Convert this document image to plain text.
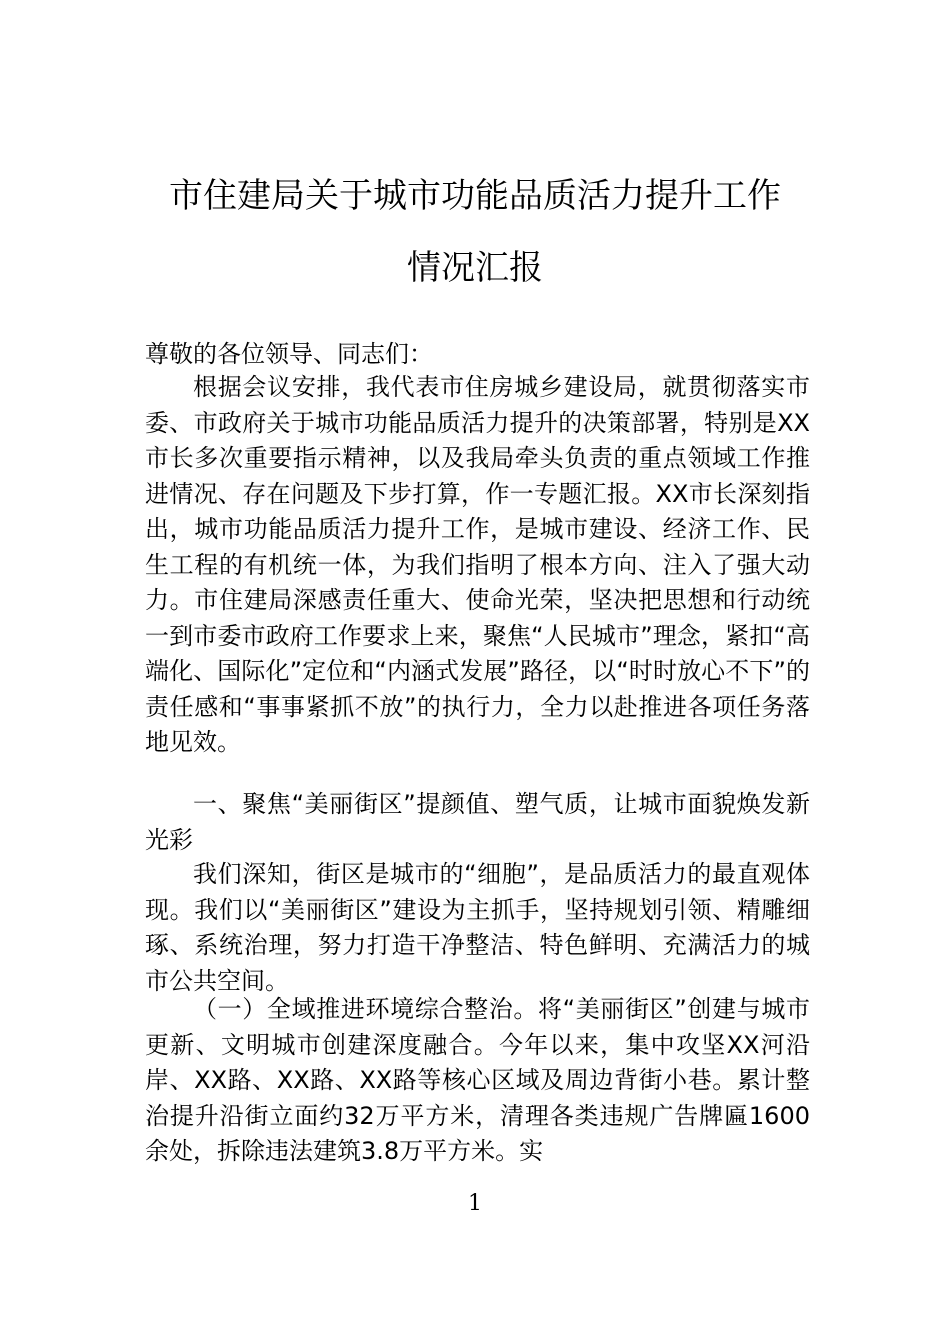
市住建局关于城市功能品质活力提升工作
情况汇报
尊敬的各位领导、同志们：

根据会议安排，我代表市住房城乡建设局，就贯彻落实市委、市政府关于城市功能品质活力提升的决策部署，特别是XX市长多次重要指示精神，以及我局牵头负责的重点领域工作推进情况、存在问题及下步打算，作一专题汇报。XX市长深刻指出，城市功能品质活力提升工作，是城市建设、经济工作、民生工程的有机统一体，为我们指明了根本方向、注入了强大动力。市住建局深感责任重大、使命光荣，坚决把思想和行动统一到市委市政府工作要求上来，聚焦“人民城市”理念，紧扣“高端化、国际化”定位和“内涵式发展”路径，以“时时放心不下”的责任感和“事事紧抓不放”的执行力，全力以赴推进各项任务落地见效。

一、聚焦“美丽街区”提颜值、塑气质，让城市面貌焕发新光彩

我们深知，街区是城市的“细胞”，是品质活力的最直观体现。我们以“美丽街区”建设为主抓手，坚持规划引领、精雕细琢、系统治理，努力打造干净整洁、特色鲜明、充满活力的城市公共空间。

（一）全域推进环境综合整治。将“美丽街区”创建与城市更新、文明城市创建深度融合。今年以来，集中攻坚XX河沿岸、XX路、XX路、XX路等核心区域及周边背街小巷。累计整治提升沿街立面约32万平方米，清理各类违规广告牌匾1600余处，拆除违法建筑3.8万平方米。实

1
